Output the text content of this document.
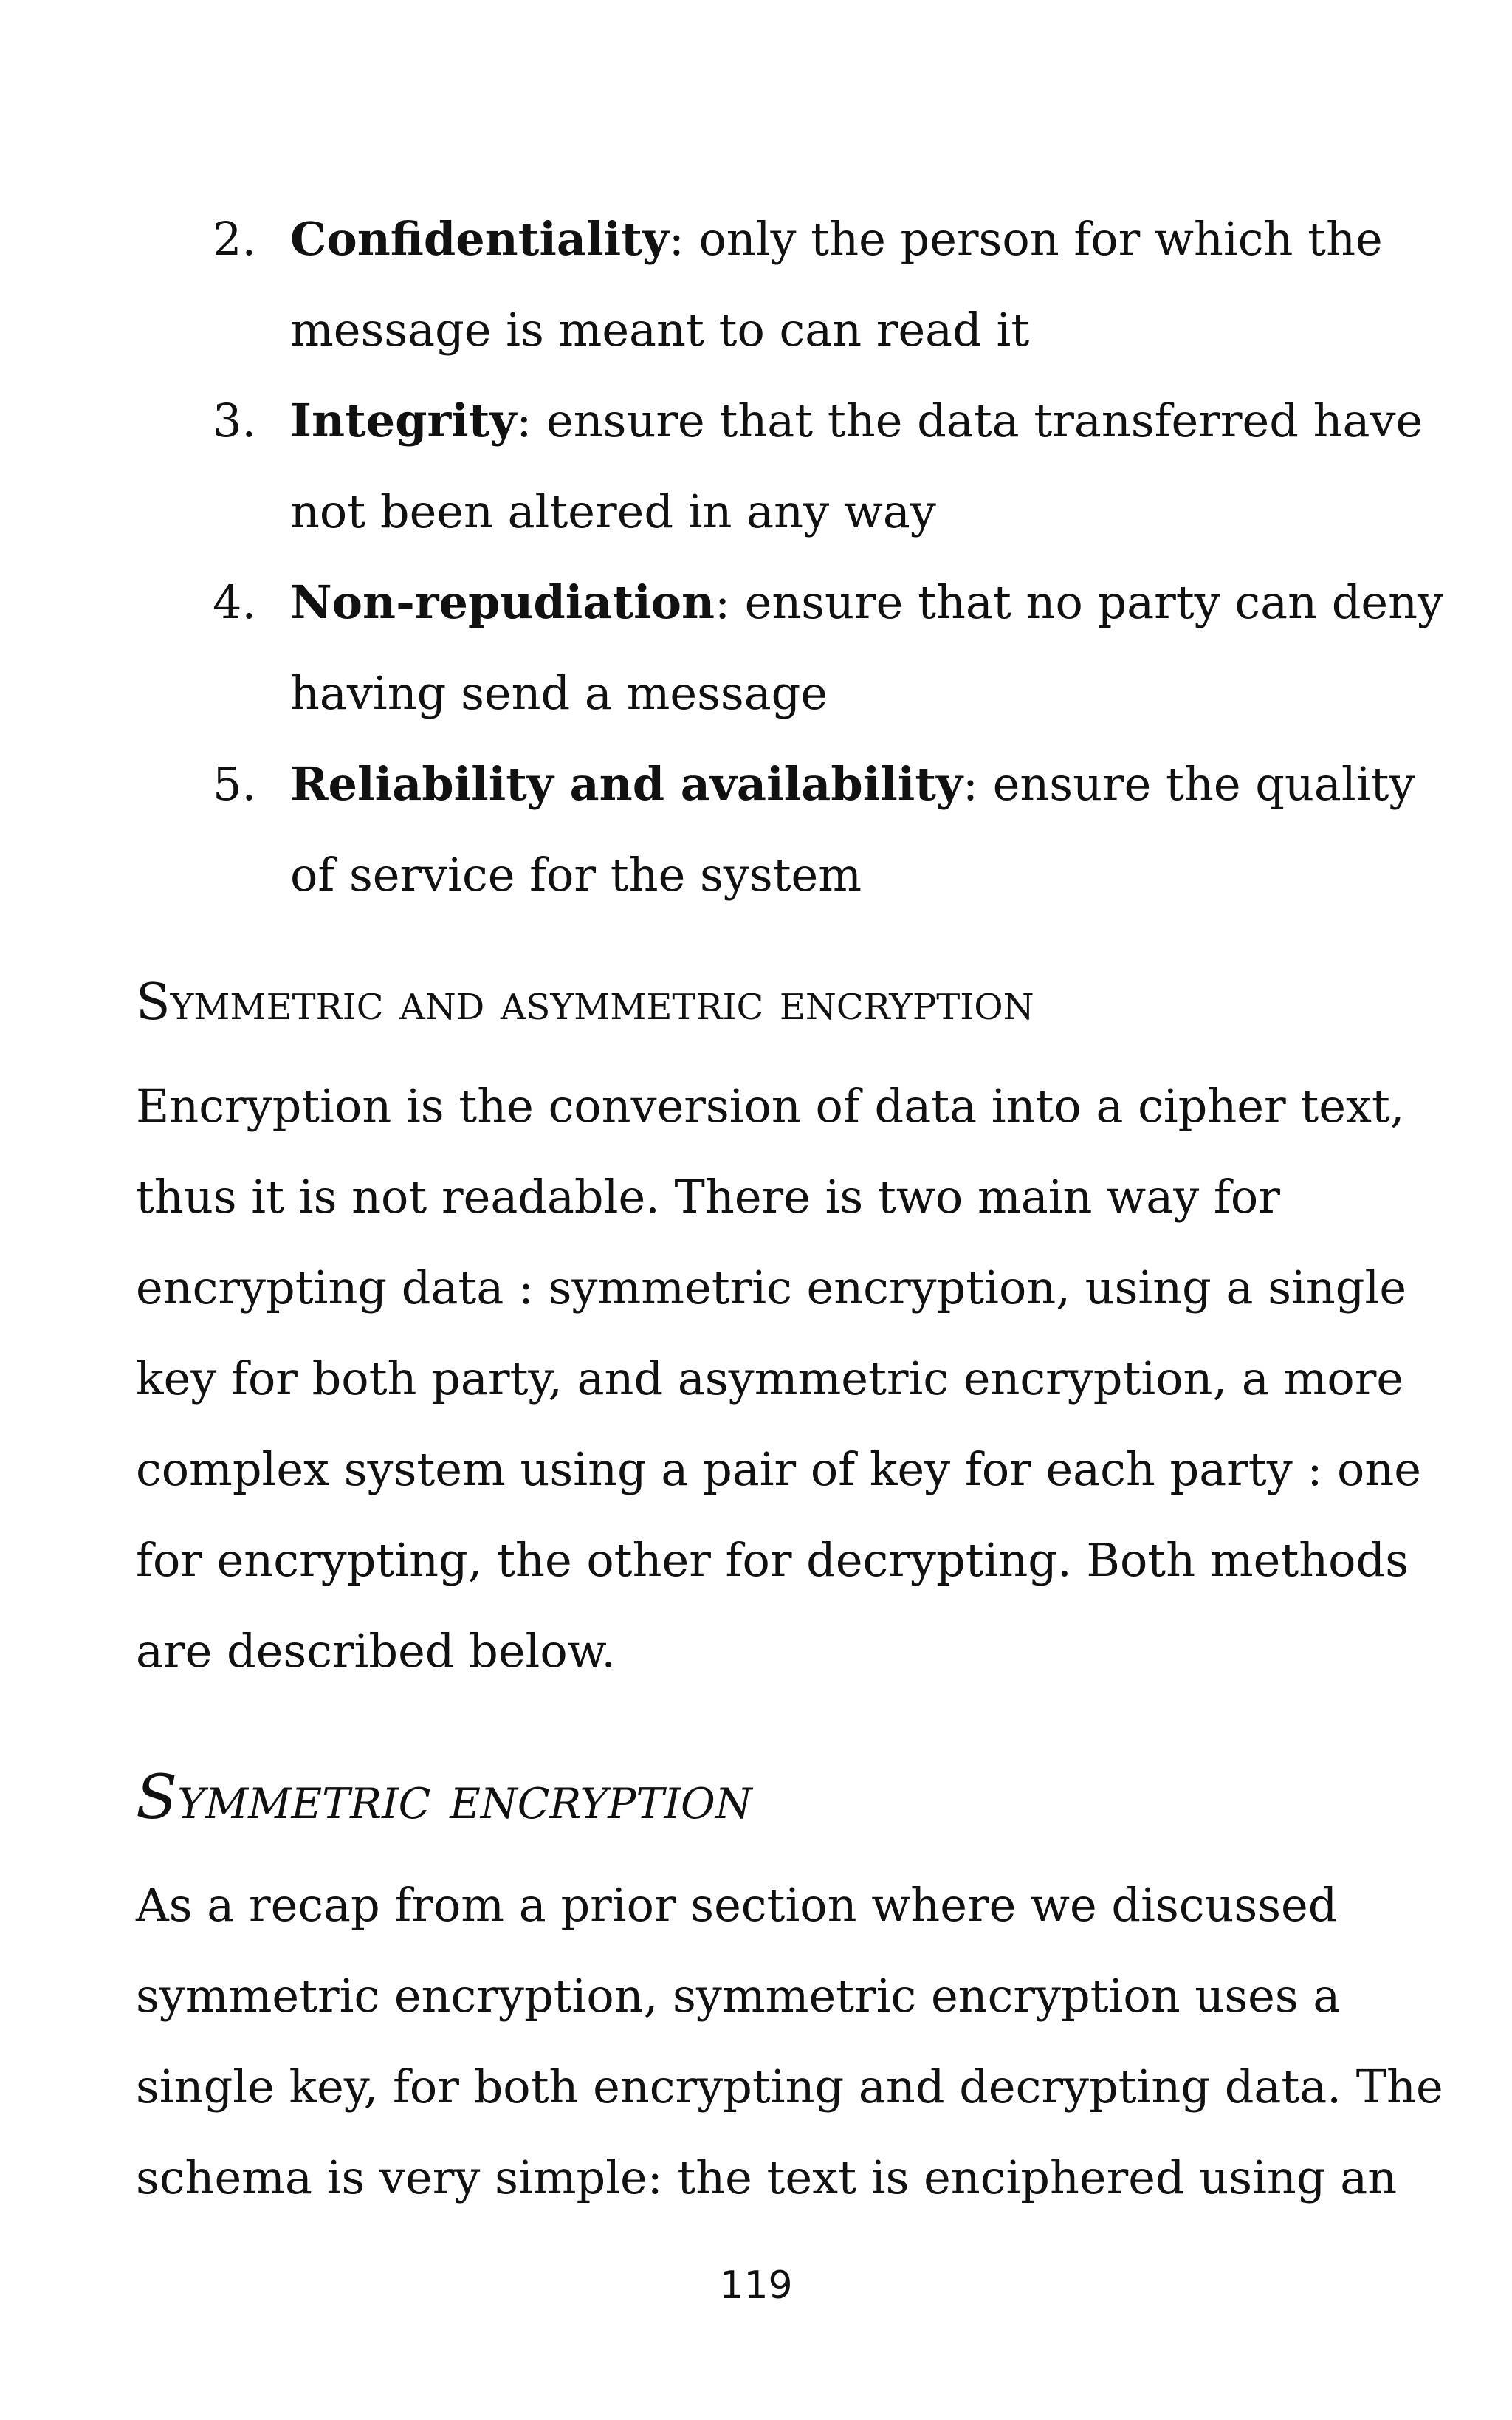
2. Confidentiality: only the person for which the
message is meant to can read it
3. Integrity: ensure that the data transferred have
not been altered in any way
4. Non-repudiation: ensure that no party can deny
having send a message
5. Reliability and availability: ensure the quality
of service for the system
Symmetric and asymmetric encryption

Encryption is the conversion of data into a cipher text,
thus it is not readable. There is two main way for
encrypting data : symmetric encryption, using a single
key for both party, and asymmetric encryption, a more
complex system using a pair of key for each party : one
for encrypting, the other for decrypting. Both methods
are described below.

Symmetric encryption

As a recap from a prior section where we discussed
symmetric encryption, symmetric encryption uses a
single key, for both encrypting and decrypting data. The
schema is very simple: the text is enciphered using an

119
